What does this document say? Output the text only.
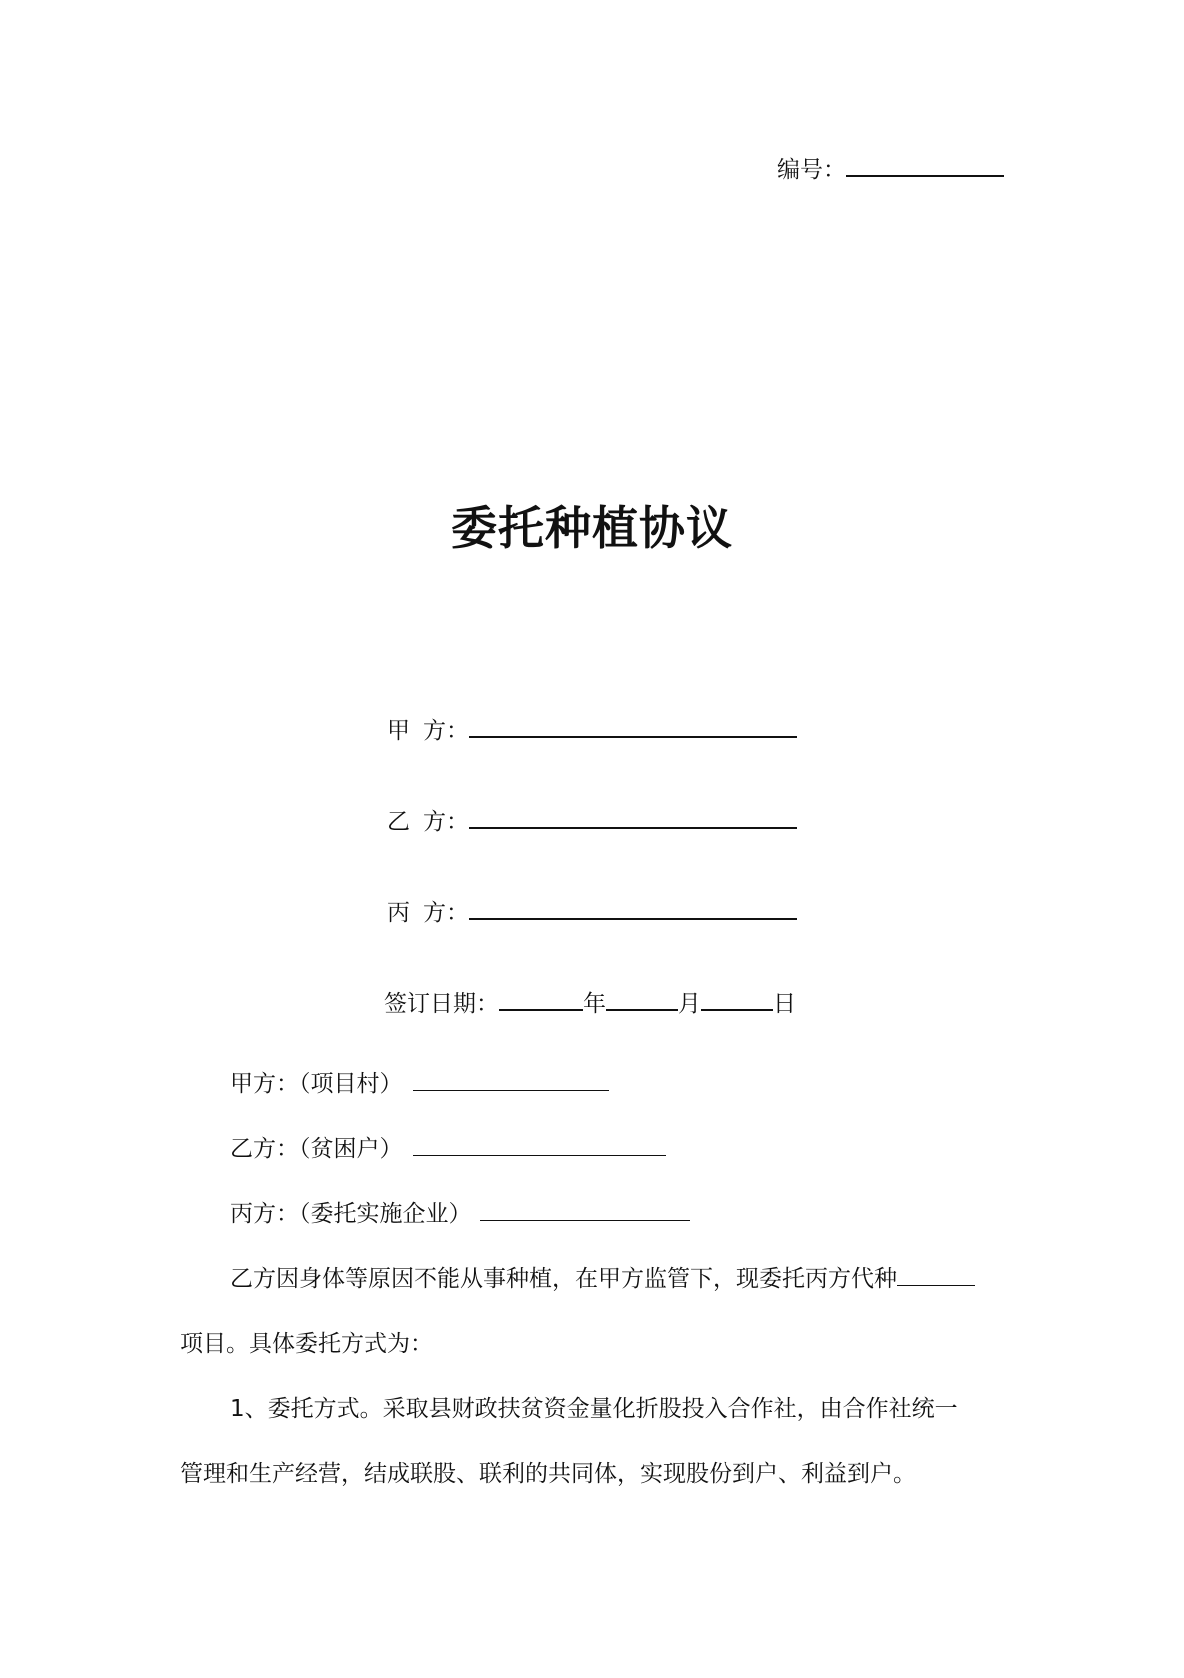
编号：
委托种植协议
甲 方：
乙 方：
丙 方：
签订日期：	年	月	日
甲方：（项目村）
乙方：（贫困户）
丙方：（委托实施企业）
乙方因身体等原因不能从事种植，在甲方监管下，现委托丙方代种
项目。具体委托方式为：
1、委托方式。采取县财政扶贫资金量化折股投入合作社，由合作社统一
管理和生产经营，结成联股、联利的共同体，实现股份到户、利益到户。
